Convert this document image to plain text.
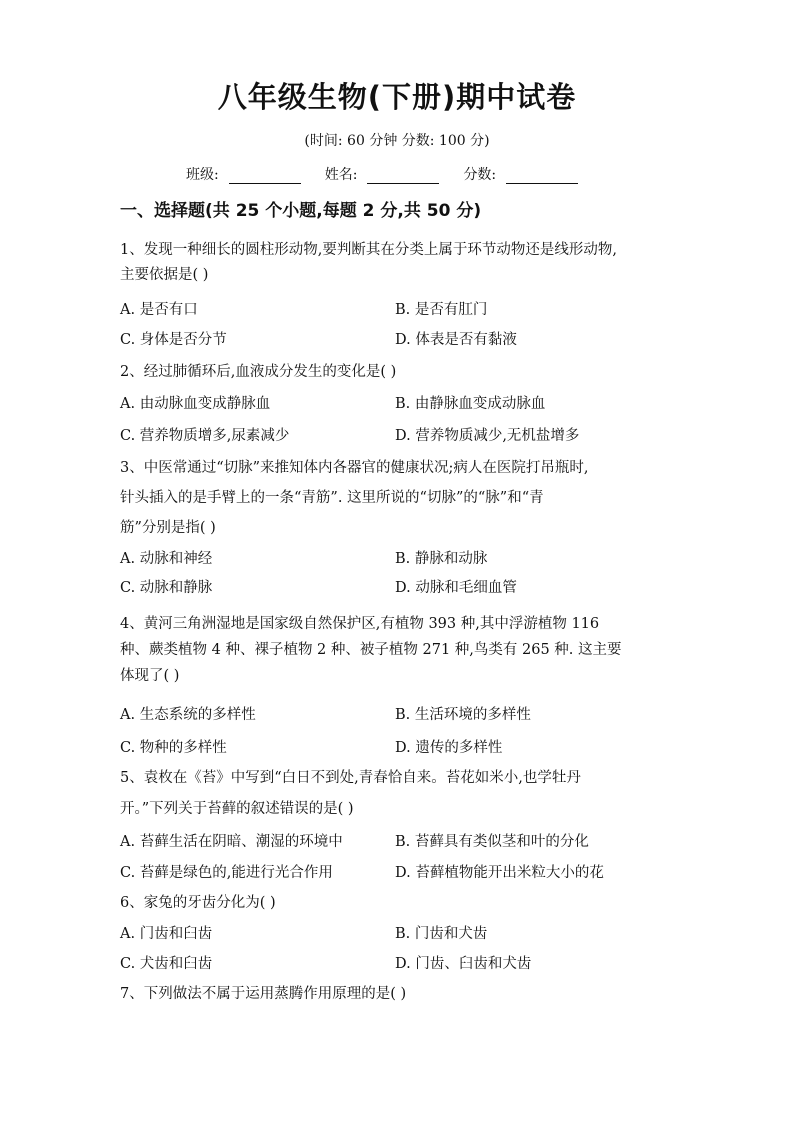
八年级生物(下册)期中试卷
(时间: 60 分钟 分数: 100 分)
班级:	姓名:	分数:
一、选择题(共 25 个小题,每题 2 分,共 50 分)
1、发现一种细长的圆柱形动物,要判断其在分类上属于环节动物还是线形动物,
主要依据是( )
A. 是否有口	B. 是否有肛门
C. 身体是否分节	D. 体表是否有黏液
2、经过肺循环后,血液成分发生的变化是( )
A. 由动脉血变成静脉血	B. 由静脉血变成动脉血
C. 营养物质增多,尿素减少	D. 营养物质减少,无机盐增多
3、中医常通过“切脉”来推知体内各器官的健康状况;病人在医院打吊瓶时,
针头插入的是手臂上的一条“青筋”. 这里所说的“切脉”的“脉”和“青
筋”分别是指( )
A. 动脉和神经	B. 静脉和动脉
C. 动脉和静脉	D. 动脉和毛细血管
4、黄河三角洲湿地是国家级自然保护区,有植物 393 种,其中浮游植物 116
种、蕨类植物 4 种、裸子植物 2 种、被子植物 271 种,鸟类有 265 种. 这主要
体现了( )
A. 生态系统的多样性	B. 生活环境的多样性
C. 物种的多样性	D. 遗传的多样性
5、袁枚在《苔》中写到“白日不到处,青春恰自来。苔花如米小,也学牡丹
开。”下列关于苔藓的叙述错误的是( )
A. 苔藓生活在阴暗、潮湿的环境中	B. 苔藓具有类似茎和叶的分化
C. 苔藓是绿色的,能进行光合作用	D. 苔藓植物能开出米粒大小的花
6、家兔的牙齿分化为( )
A. 门齿和臼齿	B. 门齿和犬齿
C. 犬齿和臼齿	D. 门齿、臼齿和犬齿
7、下列做法不属于运用蒸腾作用原理的是( )
